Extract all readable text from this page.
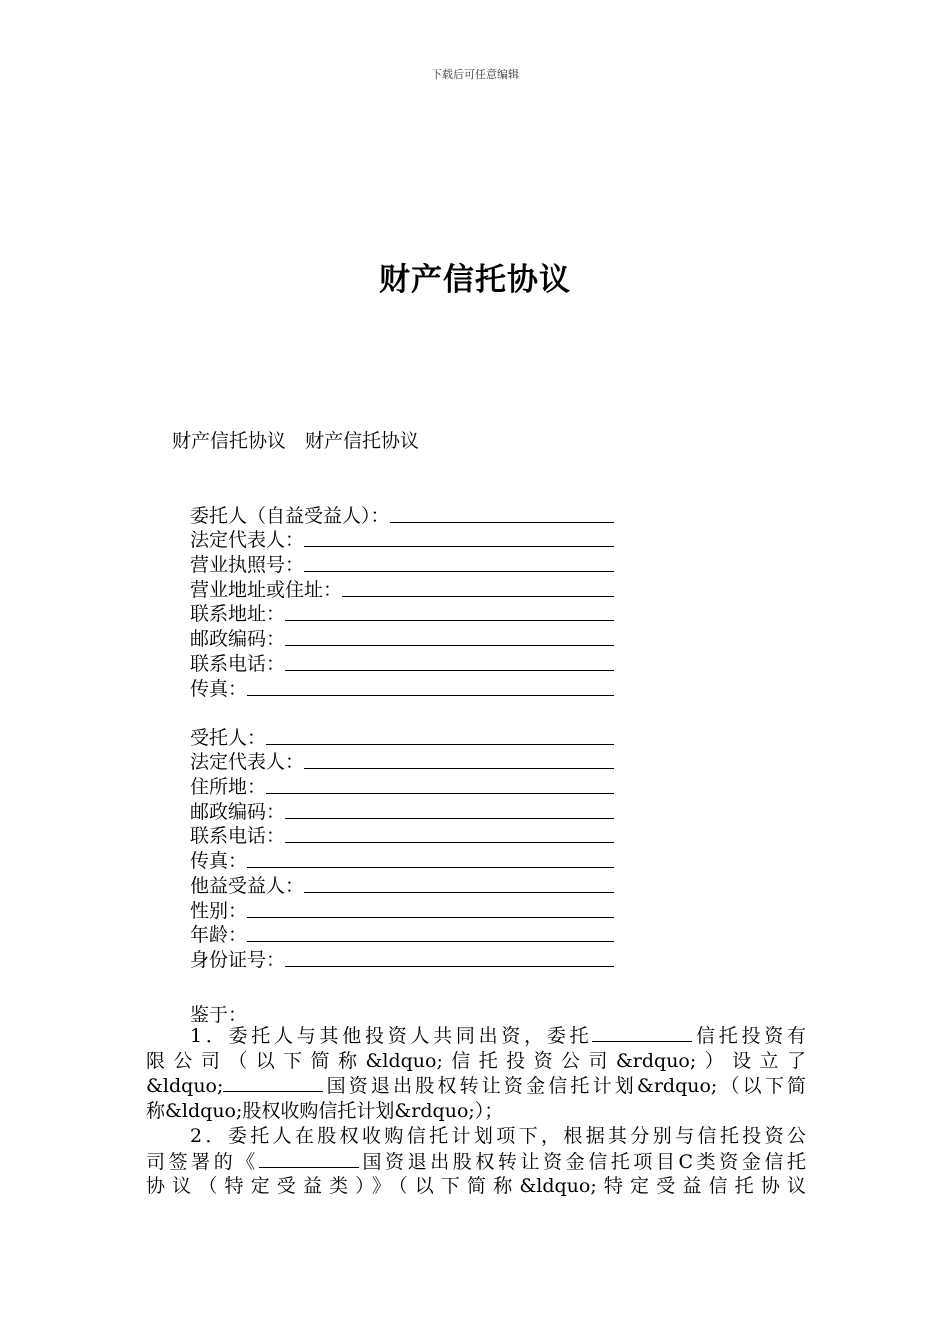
下载后可任意编辑
财产信托协议
财产信托协议　财产信托协议
委托人（自益受益人）：
法定代表人：
营业执照号：
营业地址或住址：
联系地址：
邮政编码：
联系电话：
传真：
受托人：
法定代表人：
住所地：
邮政编码：
联系电话：
传真：
他益受益人：
性别：
年龄：
身份证号：
鉴于：
1．委托人与其他投资人共同出资，委托	信托投资有
限公司（以下简称&ldquo;信托投资公司&rdquo;）设立了
&ldquo;	国资退出股权转让资金信托计划&rdquo;（以下简
称&ldquo;股权收购信托计划&rdquo;）；
2．委托人在股权收购信托计划项下，根据其分别与信托投资公
司签署的《	国资退出股权转让资金信托项目C类资金信托
协议（特定受益类）》（以下简称&ldquo;特定受益信托协议
